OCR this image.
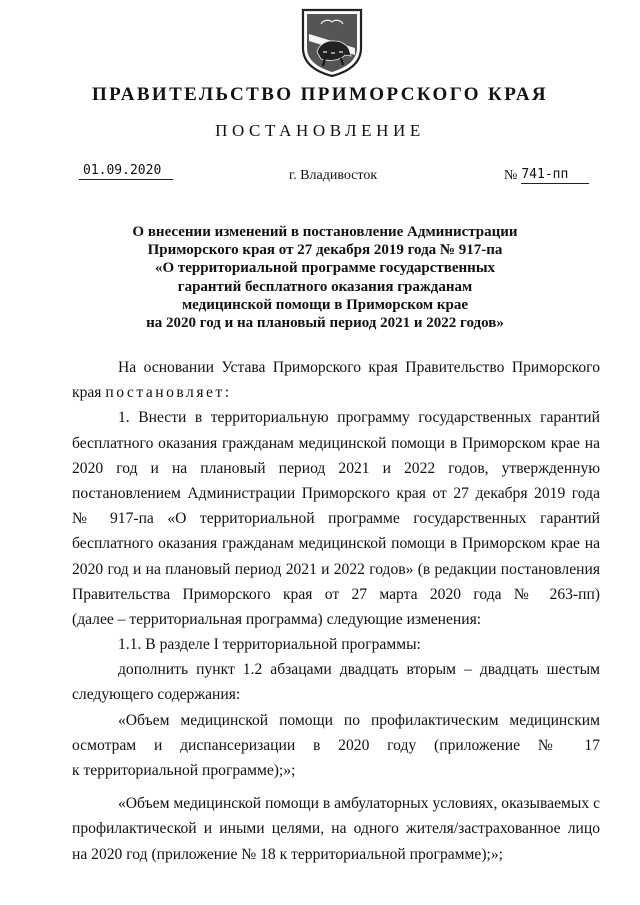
ПРАВИТЕЛЬСТВО ПРИМОРСКОГО КРАЯ
ПОСТАНОВЛЕНИЕ
01.09.2020	г. Владивосток	№ 741-пп
О внесении изменений в постановление Администрации
Приморского края от 27 декабря 2019 года № 917-па
«О территориальной программе государственных
гарантий бесплатного оказания гражданам
медицинской помощи в Приморском крае
на 2020 год и на плановый период 2021 и 2022 годов»
На основании Устава Приморского края Правительство Приморского
края постановляет:
1. Внести в территориальную программу государственных гарантий
бесплатного оказания гражданам медицинской помощи в Приморском крае на
2020 год и на плановый период 2021 и 2022 годов, утвержденную
постановлением Администрации Приморского края от 27 декабря 2019 года
№ 917-па «О территориальной программе государственных гарантий
бесплатного оказания гражданам медицинской помощи в Приморском крае на
2020 год и на плановый период 2021 и 2022 годов» (в редакции постановления
Правительства Приморского края от 27 марта 2020 года № 263-пп)
(далее – территориальная программа) следующие изменения:
1.1. В разделе I территориальной программы:
дополнить пункт 1.2 абзацами двадцать вторым – двадцать шестым
следующего содержания:
«Объем медицинской помощи по профилактическим медицинским
осмотрам и диспансеризации в 2020 году (приложение № 17
к территориальной программе);»;
«Объем медицинской помощи в амбулаторных условиях, оказываемых с
профилактической и иными целями, на одного жителя/застрахованное лицо
на 2020 год (приложение № 18 к территориальной программе);»;
